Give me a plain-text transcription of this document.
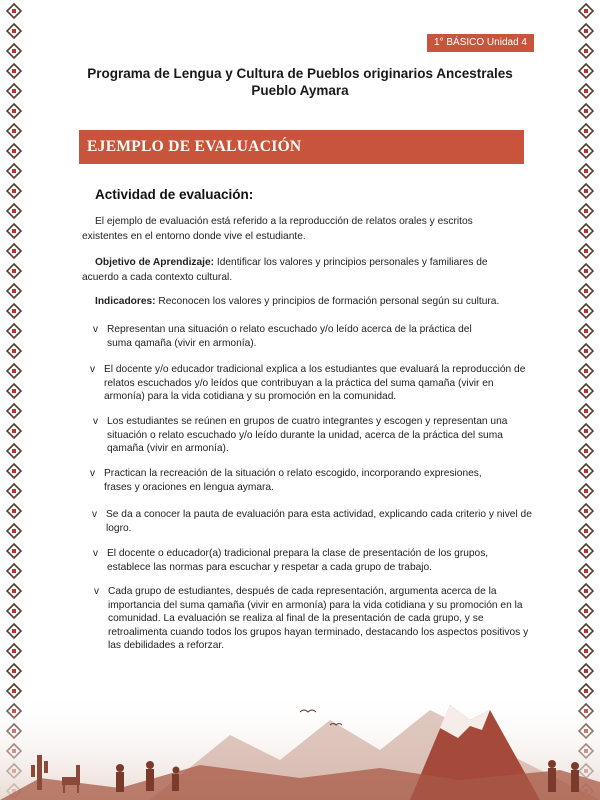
1° BÁSICO Unidad 4
Programa de Lengua y Cultura de Pueblos originarios Ancestrales
Pueblo Aymara
EJEMPLO DE EVALUACIÓN
Actividad de evaluación:
El ejemplo de evaluación está referido a la reproducción de relatos orales y escritos existentes en el entorno donde vive el estudiante.
Objetivo de Aprendizaje: Identificar los valores y principios personales y familiares de acuerdo a cada contexto cultural.
Indicadores: Reconocen los valores y principios de formación personal según su cultura.
v Representan una situación o relato escuchado y/o leído acerca de la práctica del suma qamaña (vivir en armonía).
v El docente y/o educador tradicional explica a los estudiantes que evaluará la reproducción de relatos escuchados y/o leídos que contribuyan a la práctica del suma qamaña (vivir en armonía) para la vida cotidiana y su promoción en la comunidad.
v Los estudiantes se reúnen en grupos de cuatro integrantes y escogen y representan una situación o relato escuchado y/o leído durante la unidad, acerca de la práctica del suma qamaña (vivir en armonía).
v Practican la recreación de la situación o relato escogido, incorporando expresiones, frases y oraciones en lengua aymara.
v Se da a conocer la pauta de evaluación para esta actividad, explicando cada criterio y nivel de logro.
v El docente o educador(a) tradicional prepara la clase de presentación de los grupos, establece las normas para escuchar y respetar a cada grupo de trabajo.
v Cada grupo de estudiantes, después de cada representación, argumenta acerca de la importancia del suma qamaña (vivir en armonía) para la vida cotidiana y su promoción en la comunidad. La evaluación se realiza al final de la presentación de cada grupo, y se retroalimenta cuando todos los grupos hayan terminado, destacando los aspectos positivos y las debilidades a reforzar.
